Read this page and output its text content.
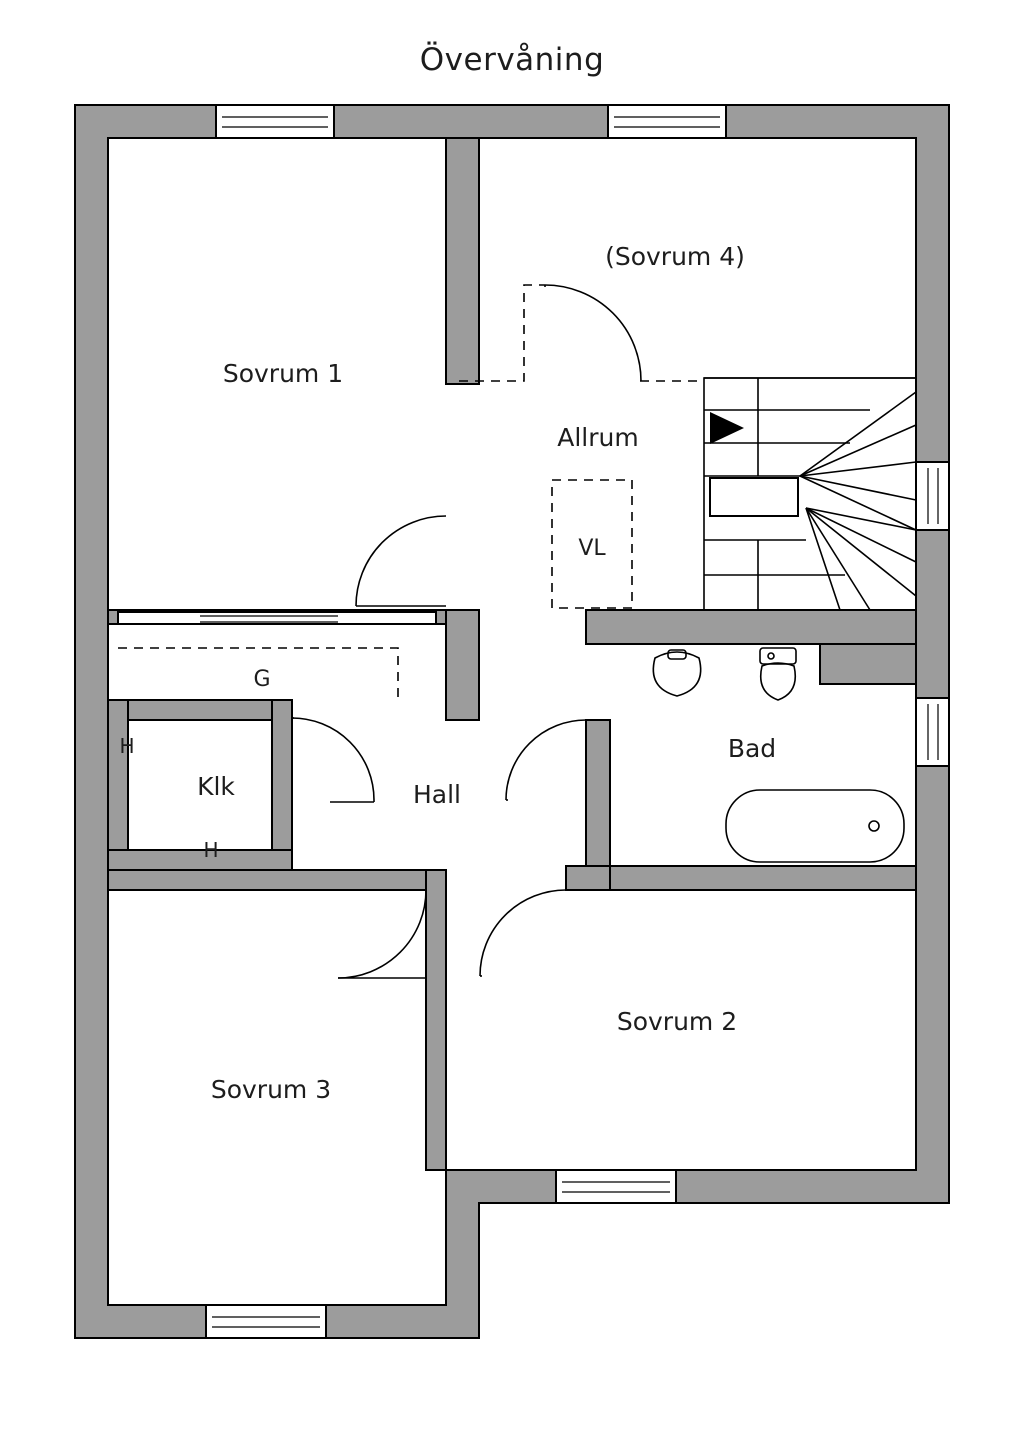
Övervåning
Sovrum 1
(Sovrum 4)
Allrum
VL
G
Klk	Hall
Bad
Sovrum 2
Sovrum 3
H
H
